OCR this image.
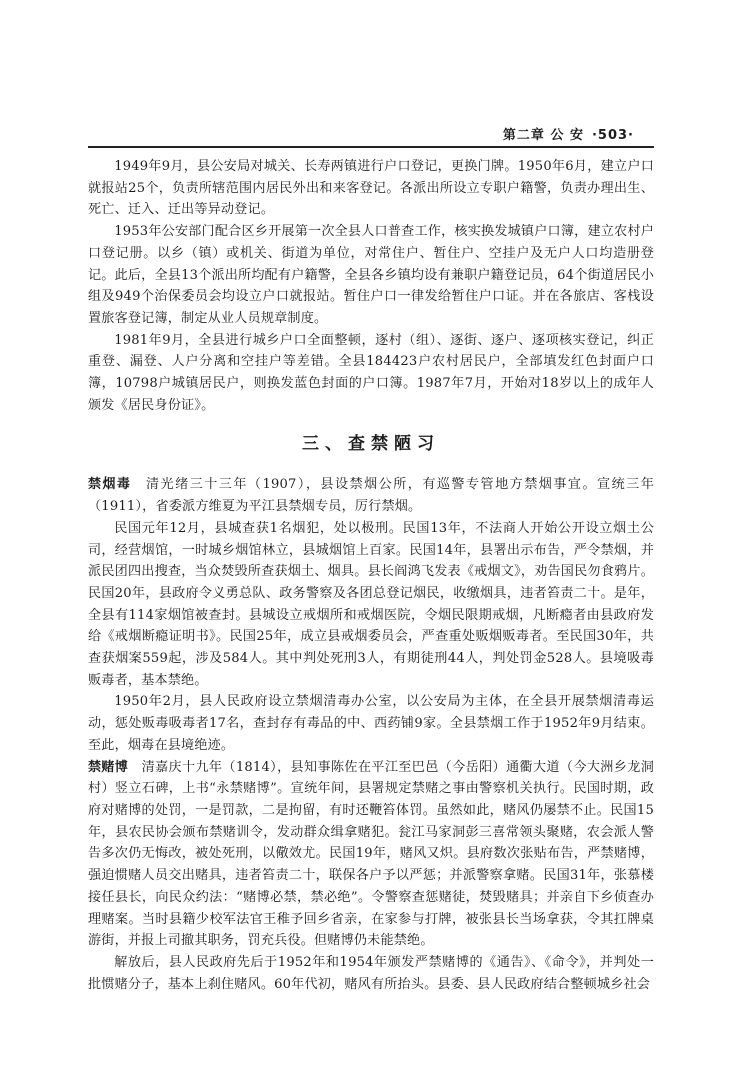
第二章 公 安 ·503·

1949年9月，县公安局对城关、长寿两镇进行户口登记，更换门牌。1950年6月，建立户口就报站25个，负责所辖范围内居民外出和来客登记。各派出所设立专职户籍警，负责办理出生、死亡、迁入、迁出等异动登记。

1953年公安部门配合区乡开展第一次全县人口普查工作，核实换发城镇户口簿，建立农村户口登记册。以乡（镇）或机关、街道为单位，对常住户、暂住户、空挂户及无户人口均造册登记。此后，全县13个派出所均配有户籍警，全县各乡镇均设有兼职户籍登记员，64个街道居民小组及949个治保委员会均设立户口就报站。暂住户口一律发给暂住户口证。并在各旅店、客栈设置旅客登记簿，制定从业人员规章制度。

1981年9月，全县进行城乡户口全面整顿，逐村（组）、逐街、逐户、逐项核实登记，纠正重登、漏登、人户分离和空挂户等差错。全县184423户农村居民户，全部填发红色封面户口簿，10798户城镇居民户，则换发蓝色封面的户口簿。1987年7月，开始对18岁以上的成年人颁发《居民身份证》。

三、查禁陋习

禁烟毒　 清光绪三十三年（1907），县设禁烟公所，有巡警专管地方禁烟事宜。宣统三年（1911），省委派方维夏为平江县禁烟专员，厉行禁烟。

民国元年12月，县城查获1名烟犯，处以极刑。民国13年，不法商人开始公开设立烟土公司，经营烟馆，一时城乡烟馆林立，县城烟馆上百家。民国14年，县署出示布告，严令禁烟，并派民团四出搜查，当众焚毁所查获烟土、烟具。县长阎鸿飞发表《戒烟文》，劝告国民勿食鸦片。民国20年，县政府令义勇总队、政务警察及各团总登记烟民，收缴烟具，违者笞责二十。是年，全县有114家烟馆被查封。县城设立戒烟所和戒烟医院，令烟民限期戒烟，凡断瘾者由县政府发给《戒烟断瘾证明书》。民国25年，成立县戒烟委员会，严查重处贩烟贩毒者。至民国30年，共查获烟案559起，涉及584人。其中判处死刑3人，有期徒刑44人，判处罚金528人。县境吸毒贩毒者，基本禁绝。

1950年2月，县人民政府设立禁烟清毒办公室，以公安局为主体，在全县开展禁烟清毒运动，惩处贩毒吸毒者17名，查封存有毒品的中、西药铺9家。全县禁烟工作于1952年9月结束。至此，烟毒在县境绝迹。

禁赌博　 清嘉庆十九年（1814），县知事陈佐在平江至巴邑（今岳阳）通衢大道（今大洲乡龙洞村）竖立石碑，上书“永禁赌博”。宣统年间，县署规定禁赌之事由警察机关执行。民国时期，政府对赌博的处罚，一是罚款，二是拘留，有时还鞭笞体罚。虽然如此，赌风仍屡禁不止。民国15年，县农民协会颁布禁赌训令，发动群众缉拿赌犯。瓮江马家洞彭三喜常领头聚赌，农会派人警告多次仍无悔改，被处死刑，以儆效尤。民国19年，赌风又炽。县府数次张贴布告，严禁赌博，强迫惯赌人员交出赌具，违者笞责二十，联保各户予以严惩；并派警察拿赌。民国31年，张慕楼接任县长，向民众约法：“赌博必禁，禁必绝”。令警察查惩赌徒，焚毁赌具；并亲自下乡侦查办理赌案。当时县籍少校军法官王稚予回乡省亲，在家参与打牌，被张县长当场拿获，令其扛牌桌游街，并报上司撤其职务，罚充兵役。但赌博仍未能禁绝。

解放后，县人民政府先后于1952年和1954年颁发严禁赌博的《通告》、《命令》，并判处一批惯赌分子，基本上刹住赌风。60年代初，赌风有所抬头。县委、县人民政府结合整顿城乡社会
